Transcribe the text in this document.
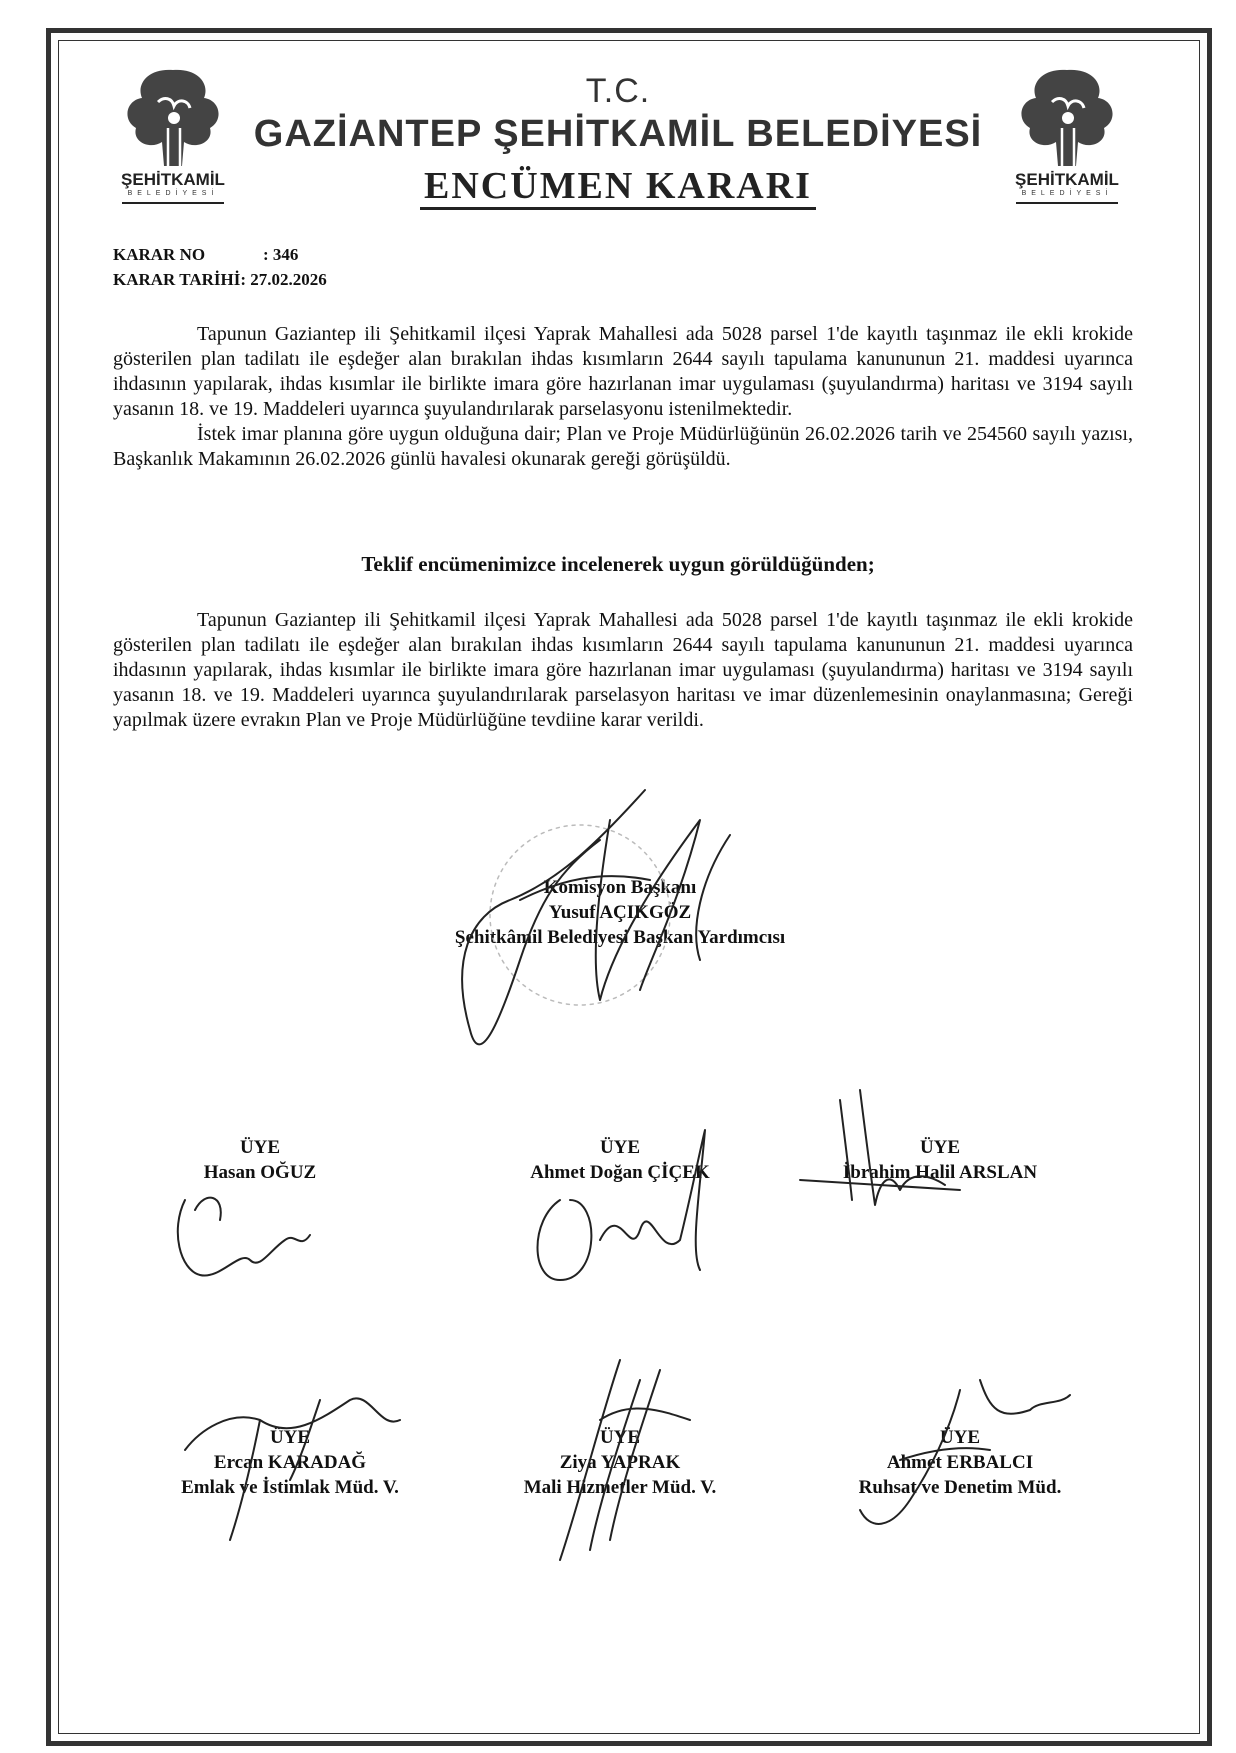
ŞEHİTKAMİL
BELEDİYESİ
ŞEHİTKAMİL
BELEDİYESİ
T.C.
GAZİANTEP ŞEHİTKAMİL BELEDİYESİ
ENCÜMEN KARARI
KARAR NO	: 346
KARAR TARİHİ: 27.02.2026

Tapunun Gaziantep ili Şehitkamil ilçesi Yaprak Mahallesi ada 5028 parsel 1'de kayıtlı taşınmaz ile ekli krokide gösterilen plan tadilatı ile eşdeğer alan bırakılan ihdas kısımların 2644 sayılı tapulama kanununun 21. maddesi uyarınca ihdasının yapılarak, ihdas kısımlar ile birlikte imara göre hazırlanan imar uygulaması (şuyulandırma) haritası ve 3194 sayılı yasanın 18. ve 19. Maddeleri uyarınca şuyulandırılarak parselasyonu istenilmektedir.

İstek imar planına göre uygun olduğuna dair; Plan ve Proje Müdürlüğünün 26.02.2026 tarih ve 254560 sayılı yazısı, Başkanlık Makamının 26.02.2026 günlü havalesi okunarak gereği görüşüldü.

Teklif encümenimizce incelenerek uygun görüldüğünden;

Tapunun Gaziantep ili Şehitkamil ilçesi Yaprak Mahallesi ada 5028 parsel 1'de kayıtlı taşınmaz ile ekli krokide gösterilen plan tadilatı ile eşdeğer alan bırakılan ihdas kısımların 2644 sayılı tapulama kanununun 21. maddesi uyarınca ihdasının yapılarak, ihdas kısımlar ile birlikte imara göre hazırlanan imar uygulaması (şuyulandırma) haritası ve 3194 sayılı yasanın 18. ve 19. Maddeleri uyarınca şuyulandırılarak parselasyon haritası ve imar düzenlemesinin onaylanmasına; Gereği yapılmak üzere evrakın Plan ve Proje Müdürlüğüne tevdiine karar verildi.

Komisyon Başkanı
Yusuf AÇIKGÖZ
Şehitkâmil Belediyesi Başkan Yardımcısı
ÜYE
Hasan OĞUZ
ÜYE
Ahmet Doğan ÇİÇEK
ÜYE
İbrahim Halil ARSLAN
ÜYE
Ercan KARADAĞ
Emlak ve İstimlak Müd. V.
ÜYE
Ziya YAPRAK
Mali Hizmetler Müd. V.
ÜYE
Ahmet ERBALCI
Ruhsat ve Denetim Müd.
